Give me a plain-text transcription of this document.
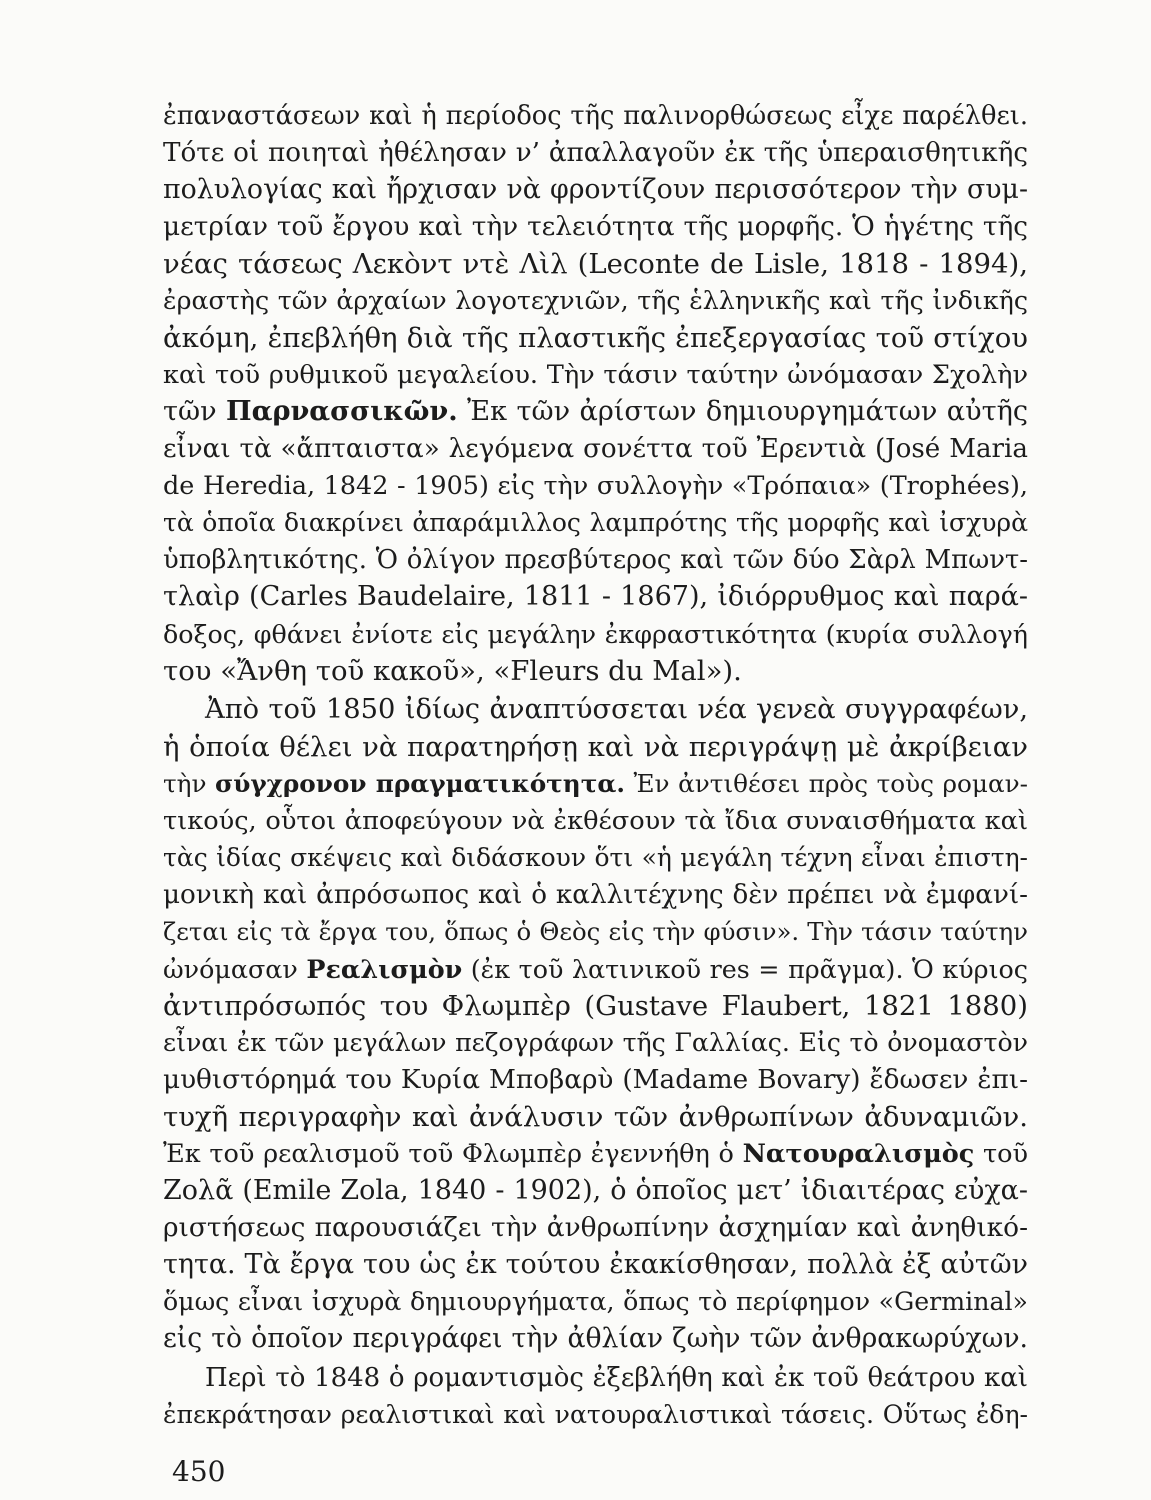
ἐπαναστάσεων καὶ ἡ περίοδος τῆς παλινορθώσεως εἶχε παρέλθει.
Τότε οἱ ποιηταὶ ἠθέλησαν ν’ ἀπαλλαγοῦν ἐκ τῆς ὑπεραισθητικῆς
πολυλογίας καὶ ἤρχισαν νὰ φροντίζουν περισσότερον τὴν συμ-
μετρίαν τοῦ ἔργου καὶ τὴν τελειότητα τῆς μορφῆς. Ὁ ἡγέτης τῆς
νέας τάσεως Λεκὸντ ντὲ Λὶλ (Leconte de Lisle, 1818 - 1894),
ἐραστὴς τῶν ἀρχαίων λογοτεχνιῶν, τῆς ἑλληνικῆς καὶ τῆς ἰνδικῆς
ἀκόμη, ἐπεβλήθη διὰ τῆς πλαστικῆς ἐπεξεργασίας τοῦ στίχου
καὶ τοῦ ρυθμικοῦ μεγαλείου. Τὴν τάσιν ταύτην ὠνόμασαν Σχολὴν
τῶν Παρνασσικῶν. Ἐκ τῶν ἀρίστων δημιουργημάτων αὐτῆς
εἶναι τὰ «ἄπταιστα» λεγόμενα σονέττα τοῦ Ἐρεντιὰ (José Maria
de Heredia, 1842 - 1905) εἰς τὴν συλλογὴν «Τρόπαια» (Trophées),
τὰ ὁποῖα διακρίνει ἀπαράμιλλος λαμπρότης τῆς μορφῆς καὶ ἰσχυρὰ
ὑποβλητικότης. Ὁ ὀλίγον πρεσβύτερος καὶ τῶν δύο Σὰρλ Μπωντ-
τλαὶρ (Carles Baudelaire, 1811 - 1867), ἰδιόρρυθμος καὶ παρά-
δοξος, φθάνει ἐνίοτε εἰς μεγάλην ἐκφραστικότητα (κυρία συλλογή
του «Ἄνθη τοῦ κακοῦ», «Fleurs du Mal»).
Ἀπὸ τοῦ 1850 ἰδίως ἀναπτύσσεται νέα γενεὰ συγγραφέων,
ἡ ὁποία θέλει νὰ παρατηρήσῃ καὶ νὰ περιγράψῃ μὲ ἀκρίβειαν
τὴν σύγχρονον πραγματικότητα. Ἐν ἀντιθέσει πρὸς τοὺς ρομαν-
τικούς, οὗτοι ἀποφεύγουν νὰ ἐκθέσουν τὰ ἴδια συναισθήματα καὶ
τὰς ἰδίας σκέψεις καὶ διδάσκουν ὅτι «ἡ μεγάλη τέχνη εἶναι ἐπιστη-
μονικὴ καὶ ἀπρόσωπος καὶ ὁ καλλιτέχνης δὲν πρέπει νὰ ἐμφανί-
ζεται εἰς τὰ ἔργα του, ὅπως ὁ Θεὸς εἰς τὴν φύσιν». Τὴν τάσιν ταύτην
ὠνόμασαν Ρεαλισμὸν (ἐκ τοῦ λατινικοῦ res = πρᾶγμα). Ὁ κύριος
ἀντιπρόσωπός του Φλωμπὲρ (Gustave Flaubert, 1821 1880)
εἶναι ἐκ τῶν μεγάλων πεζογράφων τῆς Γαλλίας. Εἰς τὸ ὀνομαστὸν
μυθιστόρημά του Κυρία Μποβαρὺ (Madame Bovary) ἔδωσεν ἐπι-
τυχῆ περιγραφὴν καὶ ἀνάλυσιν τῶν ἀνθρωπίνων ἀδυναμιῶν.
Ἐκ τοῦ ρεαλισμοῦ τοῦ Φλωμπὲρ ἐγεννήθη ὁ Νατουραλισμὸς τοῦ
Ζολᾶ (Emile Zola, 1840 - 1902), ὁ ὁποῖος μετ’ ἰδιαιτέρας εὐχα-
ριστήσεως παρουσιάζει τὴν ἀνθρωπίνην ἀσχημίαν καὶ ἀνηθικό-
τητα. Τὰ ἔργα του ὡς ἐκ τούτου ἐκακίσθησαν, πολλὰ ἐξ αὐτῶν
ὅμως εἶναι ἰσχυρὰ δημιουργήματα, ὅπως τὸ περίφημον «Germinal»
εἰς τὸ ὁποῖον περιγράφει τὴν ἀθλίαν ζωὴν τῶν ἀνθρακωρύχων.
Περὶ τὸ 1848 ὁ ρομαντισμὸς ἐξεβλήθη καὶ ἐκ τοῦ θεάτρου καὶ
ἐπεκράτησαν ρεαλιστικαὶ καὶ νατουραλιστικαὶ τάσεις. Οὕτως ἐδη-
450
